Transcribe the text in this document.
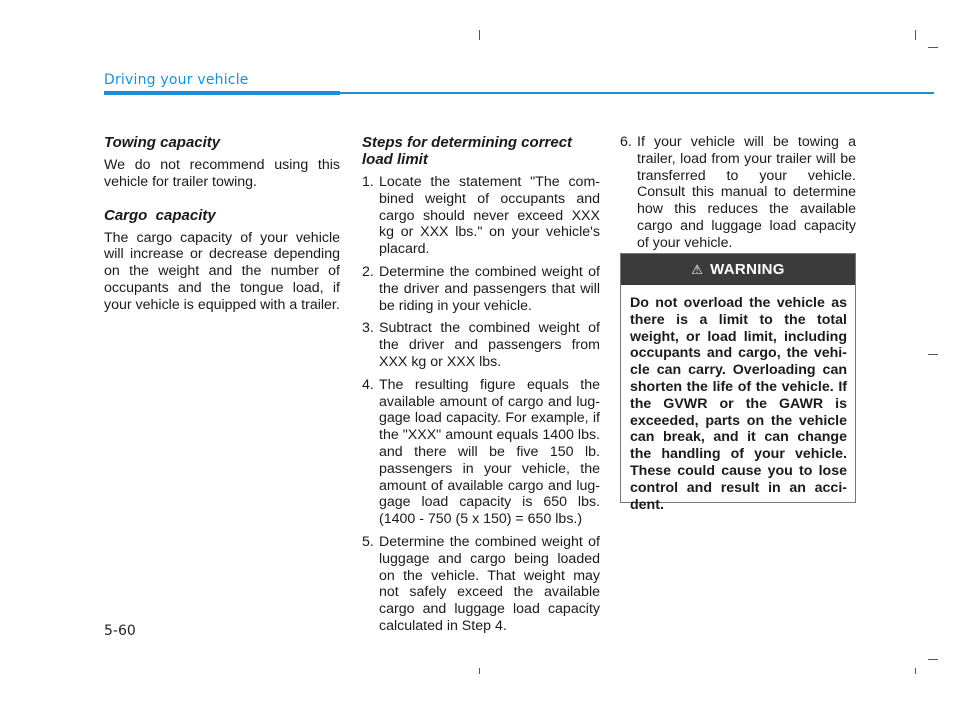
Driving your vehicle
Towing capacity

We do not recommend using this vehicle for trailer towing.

Cargo  capacity

The cargo capacity of your vehicle will increase or decrease depending on the weight and the number of occupants and the tongue load, if your vehicle is equipped with a trailer.

Steps for determining correct load limit
1. Locate the statement "The combined weight of occupants and cargo should never exceed XXX kg or XXX lbs." on your vehicle's placard.
2. Determine the combined weight of the driver and passengers that will be riding in your vehicle.
3. Subtract the combined weight of the driver and passengers from XXX kg or XXX lbs.
4. The resulting figure equals the available amount of cargo and luggage load capacity. For example, if the "XXX" amount equals 1400 lbs. and there will be five 150 lb. passengers in your vehicle, the amount of available cargo and luggage load capacity is 650 lbs. (1400 - 750 (5 x 150) = 650 lbs.)
5. Determine the combined weight of luggage and cargo being loaded on the vehicle. That weight may not safely exceed the available cargo and luggage load capacity calculated in Step 4.
6. If your vehicle will be towing a trailer, load from your trailer will be transferred to your vehicle. Consult this manual to determine how this reduces the available cargo and luggage load capacity of your vehicle.
⚠ WARNING
Do not overload the vehicle as there is a limit to the total weight, or load limit, including occupants and cargo, the vehicle can carry. Overloading can shorten the life of the vehicle. If the GVWR or the GAWR is exceeded, parts on the vehicle can break, and it can change the handling of your vehicle. These could cause you to lose control and result in an accident.
5-60
